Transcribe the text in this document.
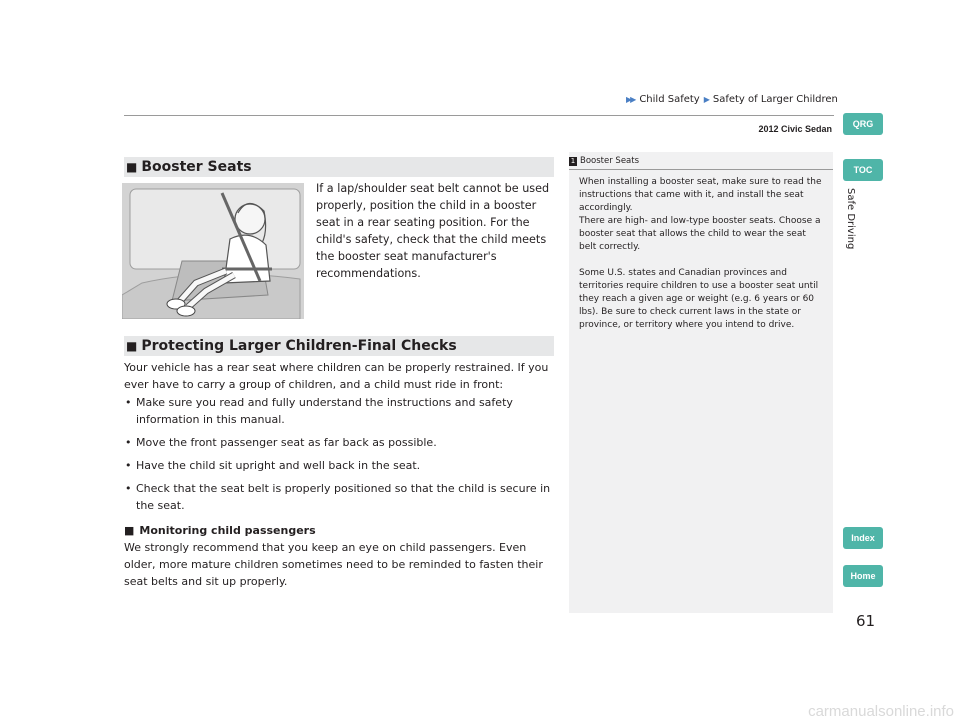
▶▶ Child Safety ▶ Safety of Larger Children
2012 Civic Sedan	QRG
TOC
Safe Driving
Index
Home
■ Booster Seats
If a lap/shoulder seat belt cannot be used properly, position the child in a booster seat in a rear seating position. For the child's safety, check that the child meets the booster seat manufacturer's recommendations.
■ Protecting Larger Children-Final Checks
Your vehicle has a rear seat where children can be properly restrained. If you ever have to carry a group of children, and a child must ride in front:
• Make sure you read and fully understand the instructions and safety information in this manual.
• Move the front passenger seat as far back as possible.
• Have the child sit upright and well back in the seat.
• Check that the seat belt is properly positioned so that the child is secure in the seat.
■ Monitoring child passengers
We strongly recommend that you keep an eye on child passengers. Even older, more mature children sometimes need to be reminded to fasten their seat belts and sit up properly.
1 Booster Seats

When installing a booster seat, make sure to read the instructions that came with it, and install the seat accordingly.

There are high- and low-type booster seats. Choose a booster seat that allows the child to wear the seat belt correctly.

Some U.S. states and Canadian provinces and territories require children to use a booster seat until they reach a given age or weight (e.g. 6 years or 60 lbs). Be sure to check current laws in the state or province, or territory where you intend to drive.

61
carmanualsonline.info
